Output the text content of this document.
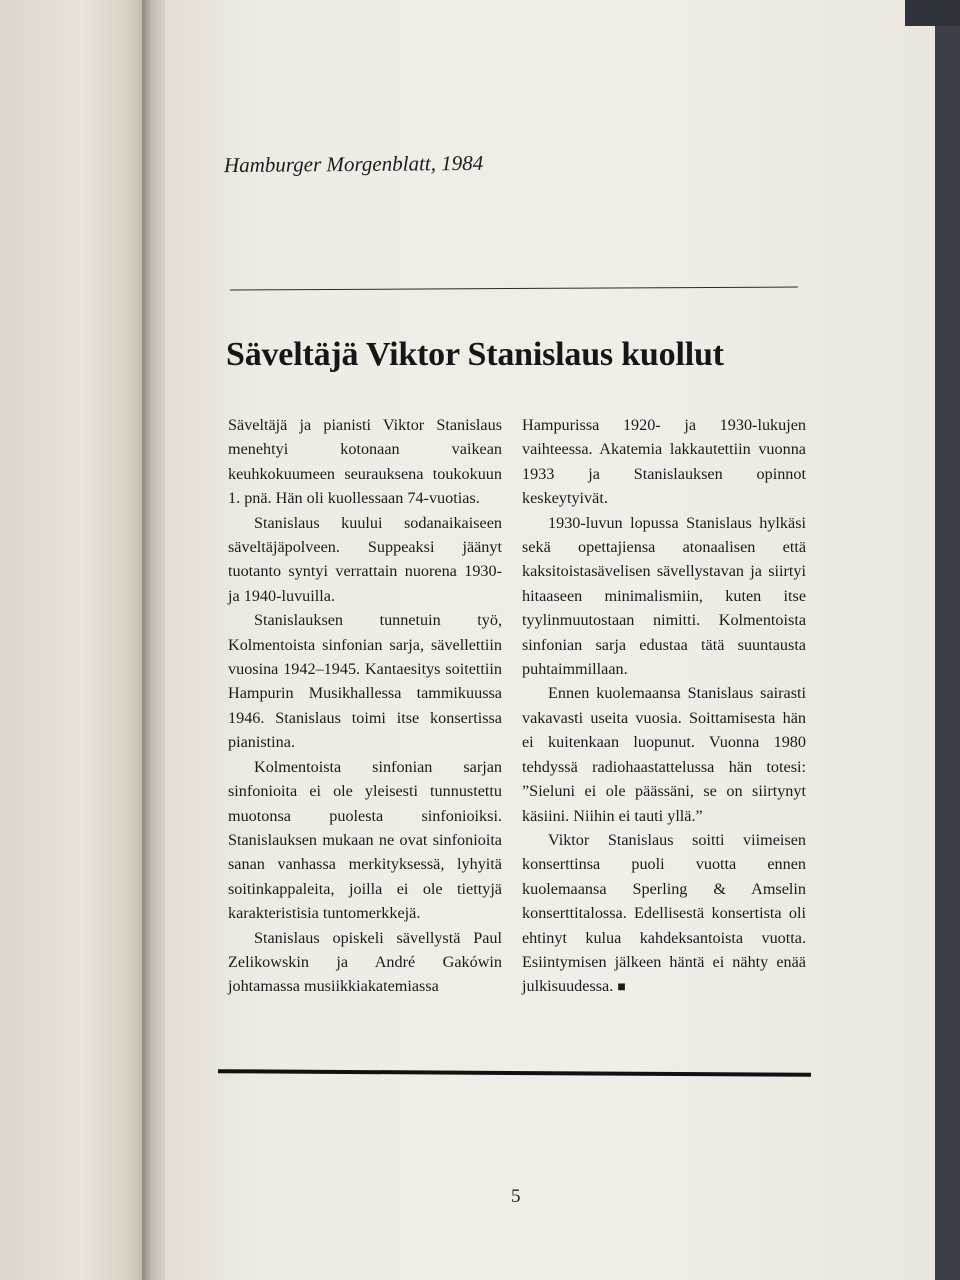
Hamburger Morgenblatt, 1984
Säveltäjä Viktor Stanislaus kuollut

Säveltäjä ja pianisti Viktor Stanislaus menehtyi kotonaan vaikean keuhkokuumeen seurauksena toukokuun 1. pnä. Hän oli kuollessaan 74-vuotias.

Stanislaus kuului sodanaikaiseen säveltäjäpolveen. Suppeaksi jäänyt tuotanto syntyi verrattain nuorena 1930- ja 1940-luvuilla.

Stanislauksen tunnetuin työ, Kolmentoista sinfonian sarja, sävellettiin vuosina 1942–1945. Kantaesitys soitettiin Hampurin Musikhallessa tammikuussa 1946. Stanislaus toimi itse konsertissa pianistina.

Kolmentoista sinfonian sarjan sinfonioita ei ole yleisesti tunnustettu muotonsa puolesta sinfonioiksi. Stanislauksen mukaan ne ovat sinfonioita sanan vanhassa merkityksessä, lyhyitä soitinkappaleita, joilla ei ole tiettyjä karakteristisia tuntomerkkejä.

Stanislaus opiskeli sävellystä Paul Zelikowskin ja André Gakówin johtamassa musiikkiakatemiassa

Hampurissa 1920- ja 1930-lukujen vaihteessa. Akatemia lakkautettiin vuonna 1933 ja Stanislauksen opinnot keskeytyivät.

1930-luvun lopussa Stanislaus hylkäsi sekä opettajiensa atonaalisen että kaksitoistasävelisen sävellystavan ja siirtyi hitaaseen minimalismiin, kuten itse tyylinmuutostaan nimitti. Kolmentoista sinfonian sarja edustaa tätä suuntausta puhtaimmillaan.

Ennen kuolemaansa Stanislaus sairasti vakavasti useita vuosia. Soittamisesta hän ei kuitenkaan luopunut. Vuonna 1980 tehdyssä radiohaastattelussa hän totesi: ”Sieluni ei ole päässäni, se on siirtynyt käsiini. Niihin ei tauti yllä.”

Viktor Stanislaus soitti viimeisen konserttinsa puoli vuotta ennen kuolemaansa Sperling & Amselin konserttitalossa. Edellisestä konsertista oli ehtinyt kulua kahdeksantoista vuotta. Esiintymisen jälkeen häntä ei nähty enää julkisuudessa. ■

5
